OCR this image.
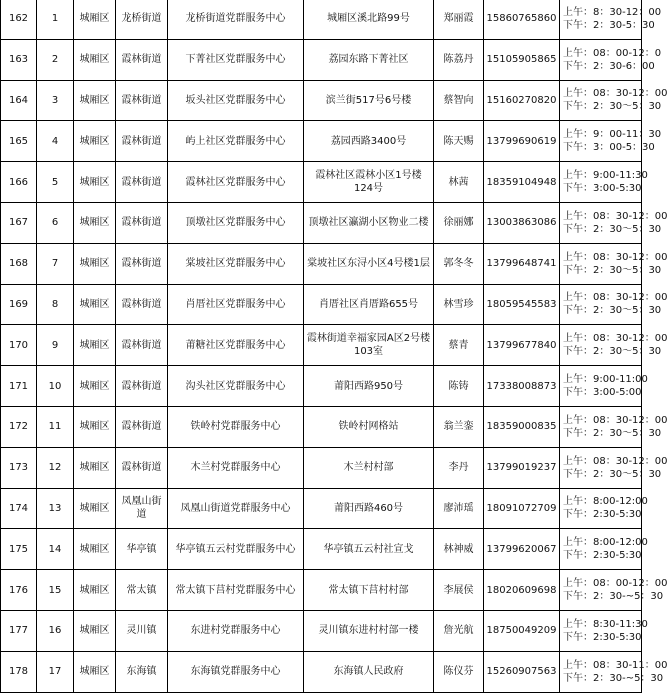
162	1	城厢区	龙桥街道	龙桥街道党群服务中心	城厢区溪北路99号	郑丽霞	15860765860	上午：8：30-12：00
下午：2：30-5：30

163	2	城厢区	霞林街道	下菁社区党群服务中心	荔园东路下菁社区	陈荔丹	15105905865	上午：08：00-12：0
下午：2：30-6：00

164	3	城厢区	霞林街道	坂头社区党群服务中心	滨兰街517号6号楼	蔡智向	15160270820	上午：08：30-12：00
下午：2：30～5：30

165	4	城厢区	霞林街道	屿上社区党群服务中心	荔园西路3400号	陈天赐	13799690619	上午：9：00-11：30
下午：3：00-5：30

166	5	城厢区	霞林街道	霞林社区党群服务中心	霞林社区霞林小区1号楼124号	林茜	18359104948	上午：9:00-11:30
下午：3:00-5:30

167	6	城厢区	霞林街道	顶墩社区党群服务中心	顶墩社区瀛湖小区物业二楼	徐丽娜	13003863086	上午：08：30-12：00
下午：2：30～5：30

168	7	城厢区	霞林街道	棠坡社区党群服务中心	棠坡社区东浔小区4号楼1层	郭冬冬	13799648741	上午：08：30-12：00
下午：2：30～5：30

169	8	城厢区	霞林街道	肖厝社区党群服务中心	肖厝社区肖厝路655号	林雪珍	18059545583	上午：08：30-12：00
下午：2：30～5：30

170	9	城厢区	霞林街道	莆糖社区党群服务中心	霞林街道幸福家园A区2号楼103室	蔡青	13799677840	上午：08：30-12：00
下午：2：30～5：30

171	10	城厢区	霞林街道	沟头社区党群服务中心	莆阳西路950号	陈铸	17338008873	上午：9:00-11:00
下午：3:00-5:00

172	11	城厢区	霞林街道	铁岭村党群服务中心	铁岭村网格站	翁兰銮	18359000835	上午：08：30-12：00
下午：2：30～5：30

173	12	城厢区	霞林街道	木兰村党群服务中心	木兰村村部	李丹	13799019237	上午：08：30-12：00
下午：2：30～5：30

174	13	城厢区	凤凰山街道	凤凰山街道党群服务中心	莆阳西路460号	廖沛瑶	18091072709	上午：8:00-12:00
下午：2:30-5:30

175	14	城厢区	华亭镇	华亭镇五云村党群服务中心	华亭镇五云村社宣戈	林神威	13799620067	上午：8:00-12:00
下午：2:30-5:30

176	15	城厢区	常太镇	常太镇下莒村党群服务中心	常太镇下莒村村部	李展侯	18020609698	上午：08：00-12：00
下午：2：30-~5：30

177	16	城厢区	灵川镇	东进村党群服务中心	灵川镇东进村村部一楼	詹光航	18750049209	上午：8:30-11:30
下午：2:30-5:30

178	17	城厢区	东海镇	东海镇党群服务中心	东海镇人民政府	陈仪芬	15260907563	上午：08：30-11：00
下午：2：30-~5：30
